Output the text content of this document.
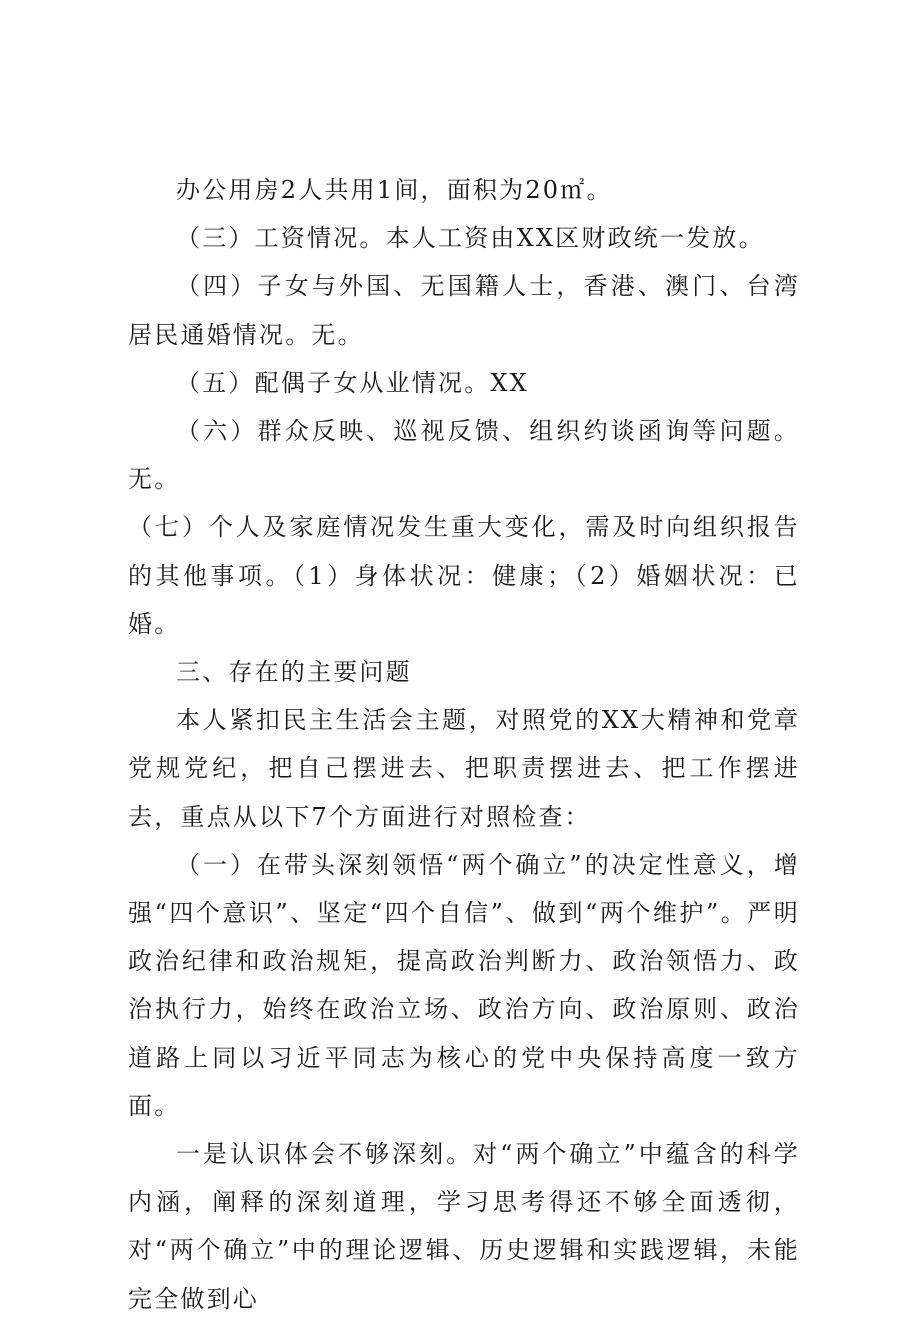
办公用房2人共用1间，面积为20㎡。

（三）工资情况。本人工资由XX区财政统一发放。

（四）子女与外国、无国籍人士，香港、澳门、台湾居民通婚情况。无。

（五）配偶子女从业情况。XX

（六）群众反映、巡视反馈、组织约谈函询等问题。无。

（七）个人及家庭情况发生重大变化，需及时向组织报告的其他事项。（1）身体状况：健康；（2）婚姻状况：已婚。

三、存在的主要问题

本人紧扣民主生活会主题，对照党的XX大精神和党章党规党纪，把自己摆进去、把职责摆进去、把工作摆进去，重点从以下7个方面进行对照检查：

（一）在带头深刻领悟“两个确立”的决定性意义，增强“四个意识”、坚定“四个自信”、做到“两个维护”。严明政治纪律和政治规矩，提高政治判断力、政治领悟力、政治执行力，始终在政治立场、政治方向、政治原则、政治道路上同以习近平同志为核心的党中央保持高度一致方面。

一是认识体会不够深刻。对“两个确立”中蕴含的科学内涵，阐释的深刻道理，学习思考得还不够全面透彻，对“两个确立”中的理论逻辑、历史逻辑和实践逻辑，未能完全做到心
